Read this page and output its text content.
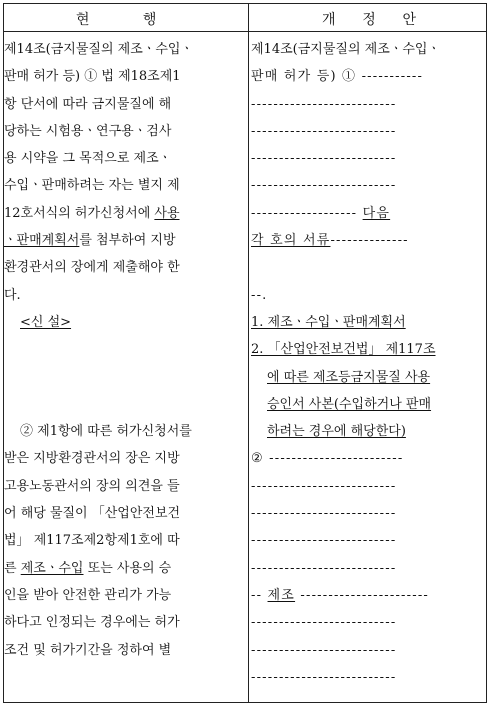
현            행	개      정      안
제14조(금지물질의 제조ㆍ수입ㆍ
판매 허가 등) ① 법 제18조제1
항 단서에 따라 금지물질에 해
당하는 시험용ㆍ연구용ㆍ검사
용 시약을 그 목적으로 제조ㆍ
수입ㆍ판매하려는 자는 별지 제
12호서식의 허가신청서에 사용
ㆍ판매계획서를 첨부하여 지방
환경관서의 장에게 제출해야 한
다.
<신 설>
② 제1항에 따른 허가신청서를
받은 지방환경관서의 장은 지방
고용노동관서의 장의 의견을 들
어 해당 물질이 「산업안전보건
법」 제117조제2항제1호에 따
른 제조ㆍ수입 또는 사용의 승
인을 받아 안전한 관리가 가능
하다고 인정되는 경우에는 허가
조건 및 허가기간을 정하여 별
제14조(금지물질의 제조ㆍ수입ㆍ
판매 허가 등) ① -----------
--------------------------
--------------------------
--------------------------
--------------------------
------------------- 다음
각 호의 서류--------------
--.
1. 제조ㆍ수입ㆍ판매계획서
2. 「산업안전보건법」 제117조
에 따른 제조등금지물질 사용
승인서 사본(수입하거나 판매
하려는 경우에 해당한다)
② ------------------------
--------------------------
--------------------------
--------------------------
--------------------------
-- 제조 -----------------------
--------------------------
--------------------------
--------------------------
